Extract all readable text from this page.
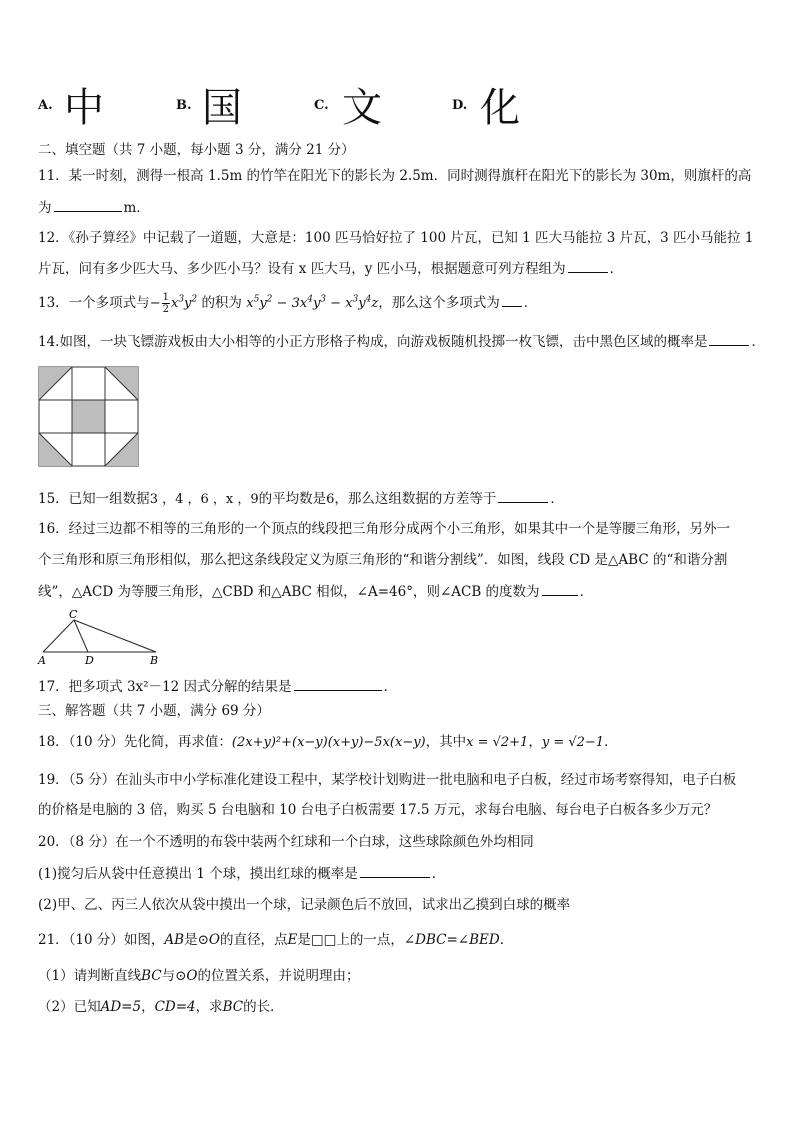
A. 中	B. 国	C. 文	D. 化
二、填空题（共 7 小题，每小题 3 分，满分 21 分）
11．某一时刻，测得一根高 1.5m 的竹竿在阳光下的影长为 2.5m．同时测得旗杆在阳光下的影长为 30m，则旗杆的高
为	m．
12．《孙子算经》中记载了一道题，大意是：100 匹马恰好拉了 100 片瓦，已知 1 匹大马能拉 3 片瓦，3 匹小马能拉 1
片瓦，问有多少匹大马、多少匹小马？设有 x 匹大马，y 匹小马，根据题意可列方程组为	．
13．一个多项式与− $\frac{1}{2} x^3y^2$ 的积为 $x^5y^2 - 3x^4y^3 - x^3y^4z$，那么这个多项式为 ．
14.如图，一块飞镖游戏板由大小相等的小正方形格子构成，向游戏板随机投掷一枚飞镖，击中黑色区域的概率是	．
15．已知一组数据3 ，4 ，6 ，x ，9的平均数是6，那么这组数据的方差等于	．
16．经过三边都不相等的三角形的一个顶点的线段把三角形分成两个小三角形，如果其中一个是等腰三角形，另外一
个三角形和原三角形相似，那么把这条线段定义为原三角形的“和谐分割线”．如图，线段 CD 是△ABC 的“和谐分割
线”，△ACD 为等腰三角形，△CBD 和△ABC 相似，∠A=46°，则∠ACB 的度数为	．
C
A	D	B
17．把多项式 3x²－12 因式分解的结果是	．
三、解答题（共 7 小题，满分 69 分）
18．（10 分）先化简，再求值：(2x+y)²+(x−y)(x+y)−5x(x−y)，其中x = √2+1，y = √2−1．
19．（5 分）在汕头市中小学标准化建设工程中，某学校计划购进一批电脑和电子白板，经过市场考察得知，电子白板
的价格是电脑的 3 倍，购买 5 台电脑和 10 台电子白板需要 17.5 万元，求每台电脑、每台电子白板各多少万元？
20．（8 分）在一个不透明的布袋中装两个红球和一个白球，这些球除颜色外均相同
(1)搅匀后从袋中任意摸出 1 个球，摸出红球的概率是	．
(2)甲、乙、丙三人依次从袋中摸出一个球，记录颜色后不放回，试求出乙摸到白球的概率
21．（10 分）如图，AB是⊙O的直径，点E是□□上的一点，∠DBC=∠BED．
（1）请判断直线BC与⊙O的位置关系，并说明理由；
（2）已知AD=5，CD=4，求BC的长．
